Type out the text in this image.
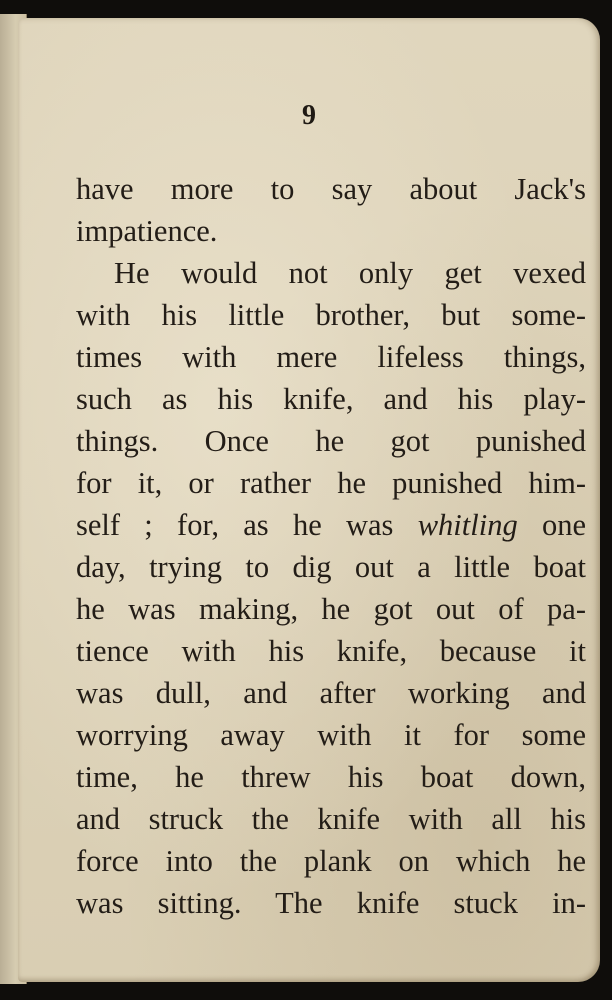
9
have more to say about Jack's
impatience.
He would not only get vexed
with his little brother, but some-
times with mere lifeless things,
such as his knife, and his play-
things. Once he got punished
for it, or rather he punished him-
self ; for, as he was whitling one
day, trying to dig out a little boat
he was making, he got out of pa-
tience with his knife, because it
was dull, and after working and
worrying away with it for some
time, he threw his boat down,
and struck the knife with all his
force into the plank on which he
was sitting. The knife stuck in-
